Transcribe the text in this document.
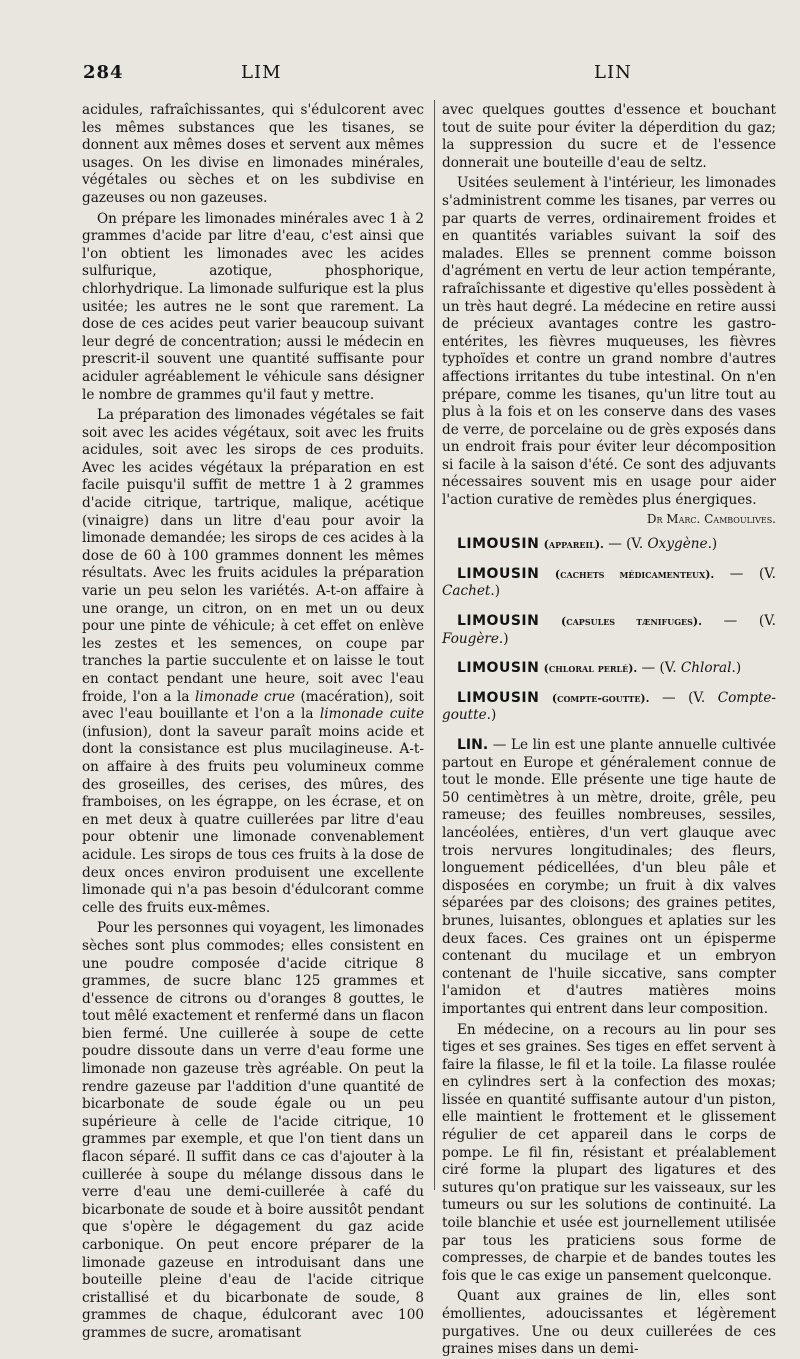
284	LIM	LIN

acidules, rafraîchissantes, qui s'édulcorent avec les mêmes substances que les tisanes, se donnent aux mêmes doses et servent aux mêmes usages. On les divise en limonades minérales, végétales ou sèches et on les subdivise en gazeuses ou non gazeuses.

On prépare les limonades minérales avec 1 à 2 grammes d'acide par litre d'eau, c'est ainsi que l'on obtient les limonades avec les acides sulfurique, azotique, phosphorique, chlorhydrique. La limonade sulfurique est la plus usitée; les autres ne le sont que rarement. La dose de ces acides peut varier beaucoup suivant leur degré de concentration; aussi le médecin en prescrit-il souvent une quantité suffisante pour aciduler agréablement le véhicule sans désigner le nombre de grammes qu'il faut y mettre.

La préparation des limonades végétales se fait soit avec les acides végétaux, soit avec les fruits acidules, soit avec les sirops de ces produits. Avec les acides végétaux la préparation en est facile puisqu'il suffit de mettre 1 à 2 grammes d'acide citrique, tartrique, malique, acétique (vinaigre) dans un litre d'eau pour avoir la limonade demandée; les sirops de ces acides à la dose de 60 à 100 grammes donnent les mêmes résultats. Avec les fruits acidules la préparation varie un peu selon les variétés. A-t-on affaire à une orange, un citron, on en met un ou deux pour une pinte de véhicule; à cet effet on enlève les zestes et les semences, on coupe par tranches la partie succulente et on laisse le tout en contact pendant une heure, soit avec l'eau froide, l'on a la limonade crue (macération), soit avec l'eau bouillante et l'on a la limonade cuite (infusion), dont la saveur paraît moins acide et dont la consistance est plus mucilagineuse. A-t-on affaire à des fruits peu volumineux comme des groseilles, des cerises, des mûres, des framboises, on les égrappe, on les écrase, et on en met deux à quatre cuillerées par litre d'eau pour obtenir une limonade convenablement acidule. Les sirops de tous ces fruits à la dose de deux onces environ produisent une excellente limonade qui n'a pas besoin d'édulcorant comme celle des fruits eux-mêmes.

Pour les personnes qui voyagent, les limonades sèches sont plus commodes; elles consistent en une poudre composée d'acide citrique 8 grammes, de sucre blanc 125 grammes et d'essence de citrons ou d'oranges 8 gouttes, le tout mêlé exactement et renfermé dans un flacon bien fermé. Une cuillerée à soupe de cette poudre dissoute dans un verre d'eau forme une limonade non gazeuse très agréable. On peut la rendre gazeuse par l'addition d'une quantité de bicarbonate de soude égale ou un peu supérieure à celle de l'acide citrique, 10 grammes par exemple, et que l'on tient dans un flacon séparé. Il suffit dans ce cas d'ajouter à la cuillerée à soupe du mélange dissous dans le verre d'eau une demi-cuillerée à café du bicarbonate de soude et à boire aussitôt pendant que s'opère le dégagement du gaz acide carbonique. On peut encore préparer de la limonade gazeuse en introduisant dans une bouteille pleine d'eau de l'acide citrique cristallisé et du bicarbonate de soude, 8 grammes de chaque, édulcorant avec 100 grammes de sucre, aromatisant

avec quelques gouttes d'essence et bouchant tout de suite pour éviter la déperdition du gaz; la suppression du sucre et de l'essence donnerait une bouteille d'eau de seltz.

Usitées seulement à l'intérieur, les limonades s'administrent comme les tisanes, par verres ou par quarts de verres, ordinairement froides et en quantités variables suivant la soif des malades. Elles se prennent comme boisson d'agrément en vertu de leur action tempérante, rafraîchissante et digestive qu'elles possèdent à un très haut degré. La médecine en retire aussi de précieux avantages contre les gastro-entérites, les fièvres muqueuses, les fièvres typhoïdes et contre un grand nombre d'autres affections irritantes du tube intestinal. On n'en prépare, comme les tisanes, qu'un litre tout au plus à la fois et on les conserve dans des vases de verre, de porcelaine ou de grès exposés dans un endroit frais pour éviter leur décomposition si facile à la saison d'été. Ce sont des adjuvants nécessaires souvent mis en usage pour aider l'action curative de remèdes plus énergiques.

Dr Marc. Camboulives.

LIMOUSIN (appareil). — (V. Oxygène.)
LIMOUSIN (cachets médicamenteux). — (V. Cachet.)
LIMOUSIN (capsules tænifuges). — (V. Fougère.)
LIMOUSIN (chloral perlé). — (V. Chloral.)
LIMOUSIN (compte-goutte). — (V. Compte-goutte.)

LIN. — Le lin est une plante annuelle cultivée partout en Europe et généralement connue de tout le monde. Elle présente une tige haute de 50 centimètres à un mètre, droite, grêle, peu rameuse; des feuilles nombreuses, sessiles, lancéolées, entières, d'un vert glauque avec trois nervures longitudinales; des fleurs, longuement pédicellées, d'un bleu pâle et disposées en corymbe; un fruit à dix valves séparées par des cloisons; des graines petites, brunes, luisantes, oblongues et aplaties sur les deux faces. Ces graines ont un épisperme contenant du mucilage et un embryon contenant de l'huile siccative, sans compter l'amidon et d'autres matières moins importantes qui entrent dans leur composition.

En médecine, on a recours au lin pour ses tiges et ses graines. Ses tiges en effet servent à faire la filasse, le fil et la toile. La filasse roulée en cylindres sert à la confection des moxas; lissée en quantité suffisante autour d'un piston, elle maintient le frottement et le glissement régulier de cet appareil dans le corps de pompe. Le fil fin, résistant et préalablement ciré forme la plupart des ligatures et des sutures qu'on pratique sur les vaisseaux, sur les tumeurs ou sur les solutions de continuité. La toile blanchie et usée est journellement utilisée par tous les praticiens sous forme de compresses, de charpie et de bandes toutes les fois que le cas exige un pansement quelconque.

Quant aux graines de lin, elles sont émollientes, adoucissantes et légèrement purgatives. Une ou deux cuillerées de ces graines mises dans un demi-
